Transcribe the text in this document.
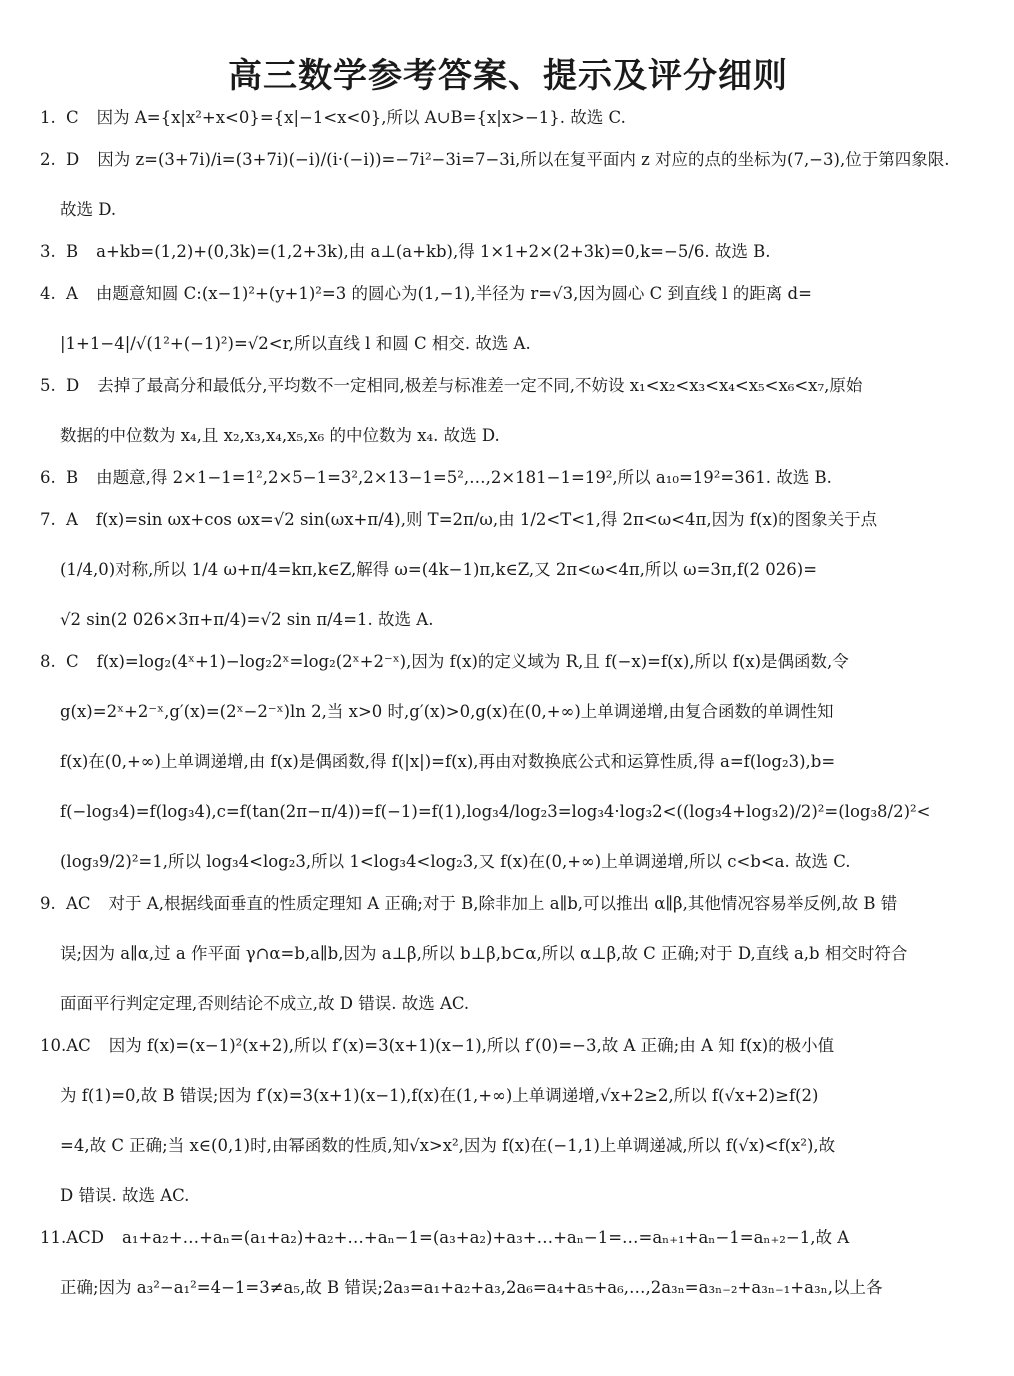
高三数学参考答案、提示及评分细则
1. C 因为 A={x|x²+x<0}={x|−1<x<0},所以 A∪B={x|x>−1}. 故选 C.
2. D 因为 z=(3+7i)/i=(3+7i)(−i)/(i·(−i))=−7i²−3i=7−3i,所以在复平面内 z 对应的点的坐标为(7,−3),位于第四象限.
故选 D.
3. B a+kb=(1,2)+(0,3k)=(1,2+3k),由 a⊥(a+kb),得 1×1+2×(2+3k)=0,k=−5/6. 故选 B.
4. A 由题意知圆 C:(x−1)²+(y+1)²=3 的圆心为(1,−1),半径为 r=√3,因为圆心 C 到直线 l 的距离 d=
|1+1−4|/√(1²+(−1)²)=√2<r,所以直线 l 和圆 C 相交. 故选 A.
5. D 去掉了最高分和最低分,平均数不一定相同,极差与标准差一定不同,不妨设 x₁<x₂<x₃<x₄<x₅<x₆<x₇,原始
数据的中位数为 x₄,且 x₂,x₃,x₄,x₅,x₆ 的中位数为 x₄. 故选 D.
6. B 由题意,得 2×1−1=1²,2×5−1=3²,2×13−1=5²,…,2×181−1=19²,所以 a₁₀=19²=361. 故选 B.
7. A f(x)=sin ωx+cos ωx=√2 sin(ωx+π/4),则 T=2π/ω,由 1/2<T<1,得 2π<ω<4π,因为 f(x)的图象关于点
(1/4,0)对称,所以 1/4 ω+π/4=kπ,k∈Z,解得 ω=(4k−1)π,k∈Z,又 2π<ω<4π,所以 ω=3π,f(2 026)=
√2 sin(2 026×3π+π/4)=√2 sin π/4=1. 故选 A.
8. C f(x)=log₂(4ˣ+1)−log₂2ˣ=log₂(2ˣ+2⁻ˣ),因为 f(x)的定义域为 R,且 f(−x)=f(x),所以 f(x)是偶函数,令
g(x)=2ˣ+2⁻ˣ,g′(x)=(2ˣ−2⁻ˣ)ln 2,当 x>0 时,g′(x)>0,g(x)在(0,+∞)上单调递增,由复合函数的单调性知
f(x)在(0,+∞)上单调递增,由 f(x)是偶函数,得 f(|x|)=f(x),再由对数换底公式和运算性质,得 a=f(log₂3),b=
f(−log₃4)=f(log₃4),c=f(tan(2π−π/4))=f(−1)=f(1),log₃4/log₂3=log₃4·log₃2<((log₃4+log₃2)/2)²=(log₃8/2)²<
(log₃9/2)²=1,所以 log₃4<log₂3,所以 1<log₃4<log₂3,又 f(x)在(0,+∞)上单调递增,所以 c<b<a. 故选 C.
9. AC 对于 A,根据线面垂直的性质定理知 A 正确;对于 B,除非加上 a∥b,可以推出 α∥β,其他情况容易举反例,故 B 错
误;因为 a∥α,过 a 作平面 γ∩α=b,a∥b,因为 a⊥β,所以 b⊥β,b⊂α,所以 α⊥β,故 C 正确;对于 D,直线 a,b 相交时符合
面面平行判定定理,否则结论不成立,故 D 错误. 故选 AC.
10.AC 因为 f(x)=(x−1)²(x+2),所以 f′(x)=3(x+1)(x−1),所以 f′(0)=−3,故 A 正确;由 A 知 f(x)的极小值
为 f(1)=0,故 B 错误;因为 f′(x)=3(x+1)(x−1),f(x)在(1,+∞)上单调递增,√x+2≥2,所以 f(√x+2)≥f(2)
=4,故 C 正确;当 x∈(0,1)时,由幂函数的性质,知√x>x²,因为 f(x)在(−1,1)上单调递减,所以 f(√x)<f(x²),故
D 错误. 故选 AC.
11.ACD a₁+a₂+…+aₙ=(a₁+a₂)+a₂+…+aₙ−1=(a₃+a₂)+a₃+…+aₙ−1=…=aₙ₊₁+aₙ−1=aₙ₊₂−1,故 A
正确;因为 a₃²−a₁²=4−1=3≠a₅,故 B 错误;2a₃=a₁+a₂+a₃,2a₆=a₄+a₅+a₆,…,2a₃ₙ=a₃ₙ₋₂+a₃ₙ₋₁+a₃ₙ,以上各
